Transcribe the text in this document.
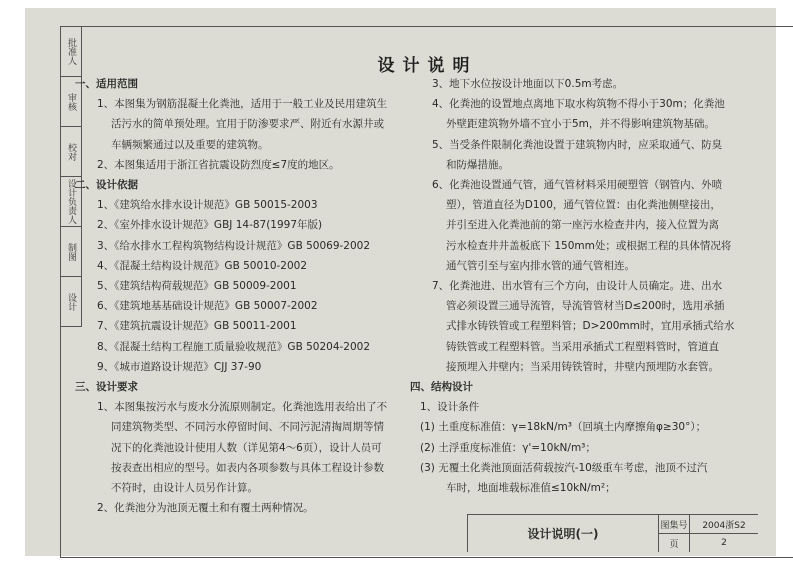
批准人
审核
校对
设计负责人
制图
设计
设计说明

一、适用范围

1、本图集为钢筋混凝土化粪池，适用于一般工业及民用建筑生

活污水的简单预处理。宜用于防渗要求严、附近有水源井或

车辆频繁通过以及重要的建筑物。

2、本图集适用于浙江省抗震设防烈度≤7度的地区。

二、设计依据

1、《建筑给水排水设计规范》GB 50015-2003

2、《室外排水设计规范》GBJ 14-87(1997年版)

3、《给水排水工程构筑物结构设计规范》GB 50069-2002

4、《混凝土结构设计规范》GB 50010-2002

5、《建筑结构荷载规范》GB 50009-2001

6、《建筑地基基础设计规范》GB 50007-2002

7、《建筑抗震设计规范》GB 50011-2001

8、《混凝土结构工程施工质量验收规范》GB 50204-2002

9、《城市道路设计规范》CJJ 37-90

三、设计要求

1、本图集按污水与废水分流原则制定。化粪池选用表给出了不

同建筑物类型、不同污水停留时间、不同污泥清掏周期等情

况下的化粪池设计使用人数（详见第4～6页），设计人员可

按表查出相应的型号。如表内各项参数与具体工程设计参数

不符时，由设计人员另作计算。

2、化粪池分为池顶无覆土和有覆土两种情况。

3、地下水位按设计地面以下0.5m考虑。

4、化粪池的设置地点离地下取水构筑物不得小于30m；化粪池

外壁距建筑物外墙不宜小于5m，并不得影响建筑物基础。

5、当受条件限制化粪池设置于建筑物内时，应采取通气、防臭

和防爆措施。

6、化粪池设置通气管，通气管材料采用硬塑管（钢管内、外喷

塑），管道直径为D100，通气管位置：由化粪池侧壁接出，

并引至进入化粪池前的第一座污水检查井内，接入位置为离

污水检查井井盖板底下 150mm处；或根据工程的具体情况将

通气管引至与室内排水管的通气管相连。

7、化粪池进、出水管有三个方向，由设计人员确定。进、出水

管必须设置三通导流管，导流管管材当D≤200时，选用承插

式排水铸铁管或工程塑料管；D>200mm时，宜用承插式给水

铸铁管或工程塑料管。当采用承插式工程塑料管时，管道直

接预埋入井壁内；当采用铸铁管时，井壁内预埋防水套管。

四、结构设计

1、设计条件

(1) 土重度标准值：γ=18kN/m³（回填土内摩擦角φ≥30°）；

(2) 土浮重度标准值：γ'=10kN/m³；

(3) 无覆土化粪池顶面活荷载按汽-10级重车考虑，池顶不过汽

车时，地面堆载标准值≤10kN/m²；

设计说明(一)
图集号	2004浙S2
页	2
